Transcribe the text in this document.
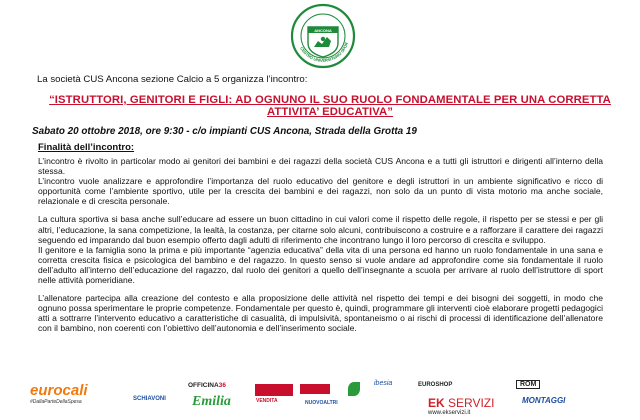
ANCONA
CENTRO UNIVERSITARIO SPOR
La società CUS Ancona sezione Calcio a 5 organizza l’incontro:
“ISTRUTTORI, GENITORI E FIGLI: AD OGNUNO IL SUO RUOLO FONDAMENTALE PER UNA CORRETTA ATTIVITA’ EDUCATIVA”
Sabato 20 ottobre 2018, ore 9:30 - c/o impianti CUS Ancona, Strada della Grotta 19
Finalità dell’incontro:

L’incontro è rivolto in particolar modo ai genitori dei bambini e dei ragazzi della società CUS Ancona e a tutti gli istruttori e dirigenti all’interno della stessa.

L’incontro vuole analizzare e approfondire l’importanza del ruolo educativo del genitore e degli istruttori in un ambiente significativo e ricco di opportunità come l’ambiente sportivo, utile per la crescita dei bambini e dei ragazzi, non solo da un punto di vista motorio ma anche sociale, relazionale e di crescita personale.

La cultura sportiva si basa anche sull’educare ad essere un buon cittadino in cui valori come il rispetto delle regole, il rispetto per se stessi e per gli altri, l’educazione, la sana competizione, la lealtà, la costanza, per citarne solo alcuni, contribuiscono a costruire e a rafforzare il carattere dei ragazzi seguendo ed imparando dal buon esempio offerto dagli adulti di riferimento che incontrano lungo il loro percorso di crescita e sviluppo.

Il genitore e la famiglia sono la prima e più importante “agenzia educativa” della vita di una persona ed hanno un ruolo fondamentale in una sana e corretta crescita fisica e psicologica del bambino e del ragazzo. In questo senso si vuole andare ad approfondire come sia fondamentale il ruolo dell’adulto all’interno dell’educazione del ragazzo, dal ruolo dei genitori a quello dell’insegnante a scuola per arrivare al ruolo dell’istruttore di sport nelle attività pomeridiane.

L’allenatore partecipa alla creazione del contesto e alla proposizione delle attività nel rispetto dei tempi e dei bisogni dei soggetti, in modo che ognuno possa sperimentare le proprie competenze. Fondamentale per questo è, quindi, programmare gli interventi cioè elaborare progetti pedagogici atti a sottrarre l’intervento educativo a caratteristiche di casualità, di impulsività, spontaneismo o ai rischi di processi di identificazione dell’allenatore con il bambino, non coerenti con l’obiettivo dell’autonomia e dell’inserimento sociale.

eurocali
#DallaParteDellaSpesa	SCHIAVONI
OFFICINA36
Emilia	VENDITA	NUOVOALTRI
ibesia	EUROSHOP
EK SERVIZI
www.ekservizi.it
ROM
MONTAGGI
